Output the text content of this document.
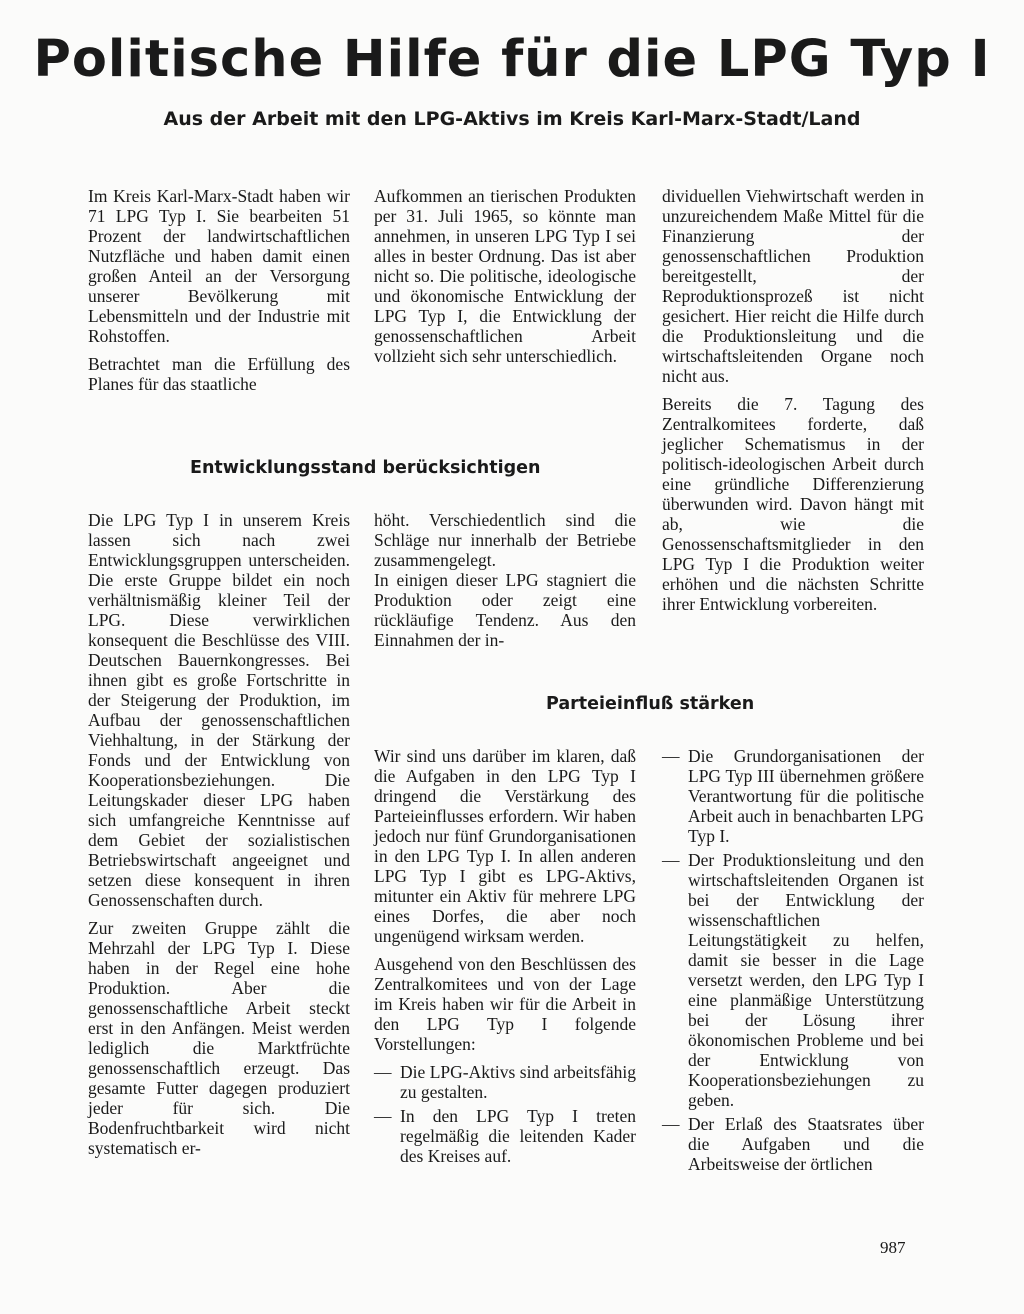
Politische Hilfe für die LPG Typ I
Aus der Arbeit mit den LPG-Aktivs im Kreis Karl-Marx-Stadt/Land

Im Kreis Karl-Marx-Stadt haben wir 71 LPG Typ I. Sie bearbeiten 51 Prozent der landwirtschaftlichen Nutzfläche und haben damit einen großen Anteil an der Versorgung unserer Bevölkerung mit Lebensmitteln und der Industrie mit Rohstoffen.

Betrachtet man die Erfüllung des Planes für das staatliche

Aufkommen an tierischen Produkten per 31. Juli 1965, so könnte man annehmen, in unseren LPG Typ I sei alles in bester Ordnung. Das ist aber nicht so. Die politische, ideologische und ökonomische Entwicklung der LPG Typ I, die Entwicklung der genossenschaftlichen Arbeit vollzieht sich sehr unterschiedlich.

dividuellen Viehwirtschaft werden in unzureichendem Maße Mittel für die Finanzierung der genossenschaftlichen Produktion bereitgestellt, der Reproduktionsprozeß ist nicht gesichert. Hier reicht die Hilfe durch die Produktionsleitung und die wirtschaftsleitenden Organe noch nicht aus.

Bereits die 7. Tagung des Zentralkomitees forderte, daß jeglicher Schematismus in der politisch-ideologischen Arbeit durch eine gründliche Differenzierung überwunden wird. Davon hängt mit ab, wie die Genossenschaftsmitglieder in den LPG Typ I die Produktion weiter erhöhen und die nächsten Schritte ihrer Entwicklung vorbereiten.

Entwicklungsstand berücksichtigen

Die LPG Typ I in unserem Kreis lassen sich nach zwei Entwicklungsgruppen unterscheiden. Die erste Gruppe bildet ein noch verhältnismäßig kleiner Teil der LPG. Diese verwirklichen konsequent die Beschlüsse des VIII. Deutschen Bauernkongresses. Bei ihnen gibt es große Fortschritte in der Steigerung der Produktion, im Aufbau der genossenschaftlichen Viehhaltung, in der Stärkung der Fonds und der Entwicklung von Kooperationsbeziehungen. Die Leitungskader dieser LPG haben sich umfangreiche Kenntnisse auf dem Gebiet der sozialistischen Betriebswirtschaft angeeignet und setzen diese konsequent in ihren Genossenschaften durch.

Zur zweiten Gruppe zählt die Mehrzahl der LPG Typ I. Diese haben in der Regel eine hohe Produktion. Aber die genossenschaftliche Arbeit steckt erst in den Anfängen. Meist werden lediglich die Marktfrüchte genossenschaftlich erzeugt. Das gesamte Futter dagegen produziert jeder für sich. Die Bodenfruchtbarkeit wird nicht systematisch er-

höht. Verschiedentlich sind die Schläge nur innerhalb der Betriebe zusammengelegt.

In einigen dieser LPG stagniert die Produktion oder zeigt eine rückläufige Tendenz. Aus den Einnahmen der in-

Parteieinfluß stärken

Wir sind uns darüber im klaren, daß die Aufgaben in den LPG Typ I dringend die Verstärkung des Parteieinflusses erfordern. Wir haben jedoch nur fünf Grundorganisationen in den LPG Typ I. In allen anderen LPG Typ I gibt es LPG-Aktivs, mitunter ein Aktiv für mehrere LPG eines Dorfes, die aber noch ungenügend wirksam werden.

Ausgehend von den Beschlüssen des Zentralkomitees und von der Lage im Kreis haben wir für die Arbeit in den LPG Typ I folgende Vorstellungen:

— Die LPG-Aktivs sind arbeitsfähig zu gestalten.
— In den LPG Typ I treten regelmäßig die leitenden Kader des Kreises auf.
— Die Grundorganisationen der LPG Typ III übernehmen größere Verantwortung für die politische Arbeit auch in benachbarten LPG Typ I.
— Der Produktionsleitung und den wirtschaftsleitenden Organen ist bei der Entwicklung der wissenschaftlichen Leitungstätigkeit zu helfen, damit sie besser in die Lage versetzt werden, den LPG Typ I eine planmäßige Unterstützung bei der Lösung ihrer ökonomischen Probleme und bei der Entwicklung von Kooperationsbeziehungen zu geben.
— Der Erlaß des Staatsrates über die Aufgaben und die Arbeitsweise der örtlichen

987
